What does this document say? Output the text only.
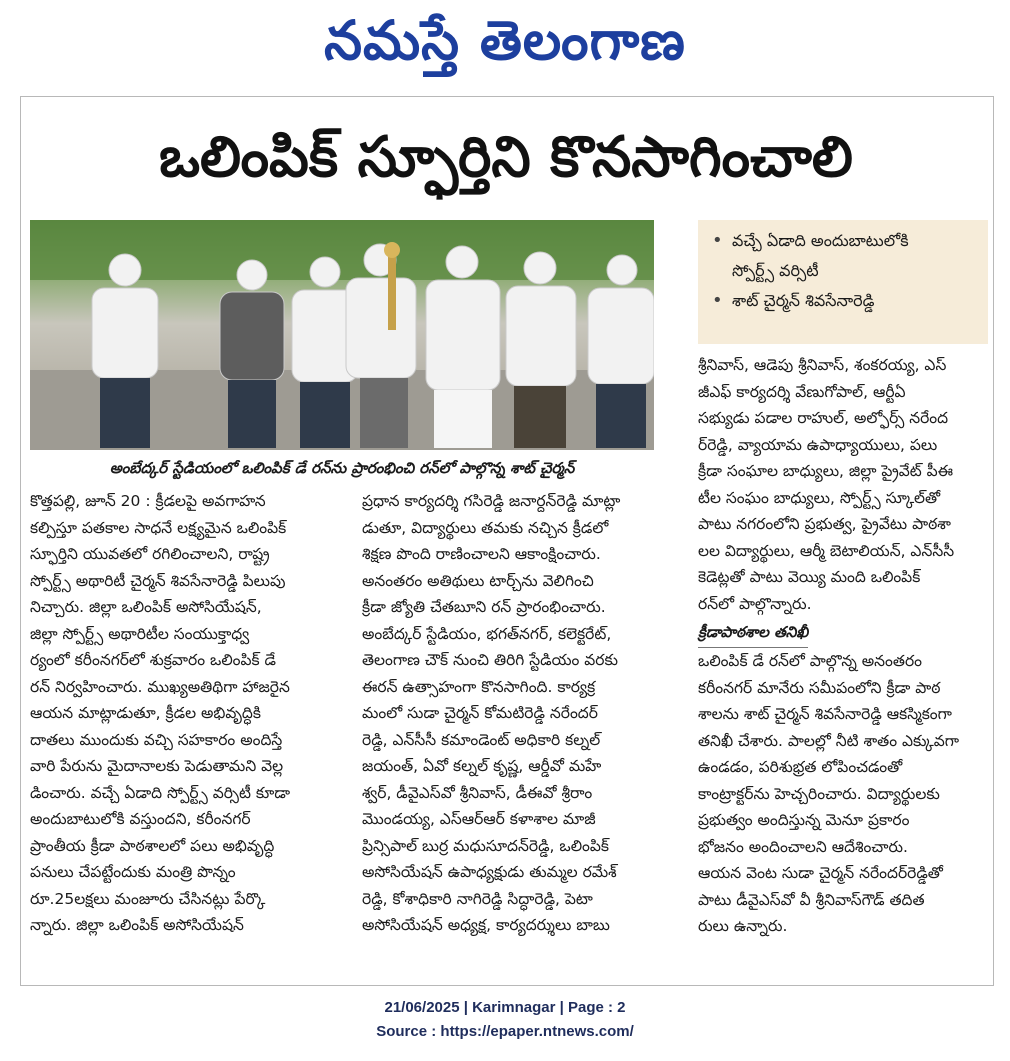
నమస్తే తెలంగాణ
ఒలింపిక్ స్ఫూర్తిని కొనసాగించాలి
అంబేద్కర్ స్టేడియంలో ఒలింపిక్ డే రన్‌ను ప్రారంభించి రన్‌లో పాల్గొన్న శాట్ చైర్మన్
• వచ్చే ఏడాది అందుబాటులోకి
స్పోర్ట్స్ వర్సిటీ
• శాట్ చైర్మన్ శివసేనారెడ్డి
కొత్తపల్లి, జూన్ 20 : క్రీడలపై అవగాహన
కల్పిస్తూ పతకాల సాధనే లక్ష్యమైన ఒలింపిక్
స్ఫూర్తిని యువతలో రగిలించాలని, రాష్ట్ర
స్పోర్ట్స్ అథారిటీ చైర్మన్ శివసేనారెడ్డి పిలుపు
నిచ్చారు. జిల్లా ఒలింపిక్ అసోసియేషన్,
జిల్లా స్పోర్ట్స్ అథారిటీల సంయుక్తాధ్వ
ర్యంలో కరీంనగర్‌లో శుక్రవారం ఒలింపిక్ డే
రన్ నిర్వహించారు. ముఖ్యఅతిథిగా హాజరైన
ఆయన మాట్లాడుతూ, క్రీడల అభివృద్ధికి
దాతలు ముందుకు వచ్చి సహకారం అందిస్తే
వారి పేరును మైదానాలకు పెడుతామని వెల్ల
డించారు. వచ్చే ఏడాది స్పోర్ట్స్ వర్సిటీ కూడా
అందుబాటులోకి వస్తుందని, కరీంనగర్
ప్రాంతీయ క్రీడా పాఠశాలలో పలు అభివృద్ధి
పనులు చేపట్టేందుకు మంత్రి పొన్నం
రూ.25లక్షలు మంజూరు చేసినట్లు పేర్కొ
న్నారు. జిల్లా ఒలింపిక్ అసోసియేషన్
ప్రధాన కార్యదర్శి గసిరెడ్డి జనార్దన్‌రెడ్డి మాట్లా
డుతూ, విద్యార్థులు తమకు నచ్చిన క్రీడలో
శిక్షణ పొంది రాణించాలని ఆకాంక్షించారు.
అనంతరం అతిథులు టార్చ్‌ను వెలిగించి
క్రీడా జ్యోతి చేతబూని రన్ ప్రారంభించారు.
అంబేద్కర్ స్టేడియం, భగత్‌నగర్, కలెక్టరేట్,
తెలంగాణ చౌక్ నుంచి తిరిగి స్టేడియం వరకు
ఈరన్ ఉత్సాహంగా కొనసాగింది. కార్యక్ర
మంలో సుడా చైర్మన్ కోమటిరెడ్డి నరేందర్
రెడ్డి, ఎన్‌సీసీ కమాండెంట్ అధికారి కల్నల్
జయంత్, ఏవో కల్నల్ కృష్ణ, ఆర్డీవో మహే
శ్వర్, డీవైఎస్‌వో శ్రీనివాస్, డీఈవో శ్రీరాం
మొండయ్య, ఎస్ఆర్ఆర్ కళాశాల మాజీ
ప్రిన్సిపాల్ బుర్ర మధుసూదన్‌రెడ్డి, ఒలింపిక్
అసోసియేషన్ ఉపాధ్యక్షుడు తుమ్మల రమేశ్
రెడ్డి, కోశాధికారి నాగిరెడ్డి సిద్ధారెడ్డి, పెటా
అసోసియేషన్ అధ్యక్ష, కార్యదర్శులు బాబు
శ్రీనివాస్, ఆడెపు శ్రీనివాస్, శంకరయ్య, ఎస్
జీఎఫ్ కార్యదర్శి వేణుగోపాల్, ఆర్టీఏ
సభ్యుడు పడాల రాహుల్, అల్ఫోర్స్ నరేంద
ర్‌రెడ్డి, వ్యాయామ ఉపాధ్యాయులు, పలు
క్రీడా సంఘాల బాధ్యులు, జిల్లా ప్రైవేట్ పీఈ
టీల సంఘం బాధ్యులు, స్పోర్ట్స్ స్కూల్‌తో
పాటు నగరంలోని ప్రభుత్వ, ప్రైవేటు పాఠశా
లల విద్యార్థులు, ఆర్మీ బెటాలియన్, ఎన్‌సీసీ
కెడెట్లతో పాటు వెయ్యి మంది ఒలింపిక్
రన్‌లో పాల్గొన్నారు.
క్రీడాపాఠశాల తనిఖీ
ఒలింపిక్ డే రన్‌లో పాల్గొన్న అనంతరం
కరీంనగర్ మానేరు సమీపంలోని క్రీడా పాఠ
శాలను శాట్ చైర్మన్ శివసేనారెడ్డి ఆకస్మికంగా
తనిఖీ చేశారు. పాలల్లో నీటి శాతం ఎక్కువగా
ఉండడం, పరిశుభ్రత లోపించడంతో
కాంట్రాక్టర్‌ను హెచ్చరించారు. విద్యార్థులకు
ప్రభుత్వం అందిస్తున్న మెనూ ప్రకారం
భోజనం అందించాలని ఆదేశించారు.
ఆయన వెంట సుడా చైర్మన్ నరేందర్‌రెడ్డితో
పాటు డీవైఎస్‌వో వీ శ్రీనివాస్‌గౌడ్ తదిత
రులు ఉన్నారు.
21/06/2025 | Karimnagar | Page : 2
Source : https://epaper.ntnews.com/
